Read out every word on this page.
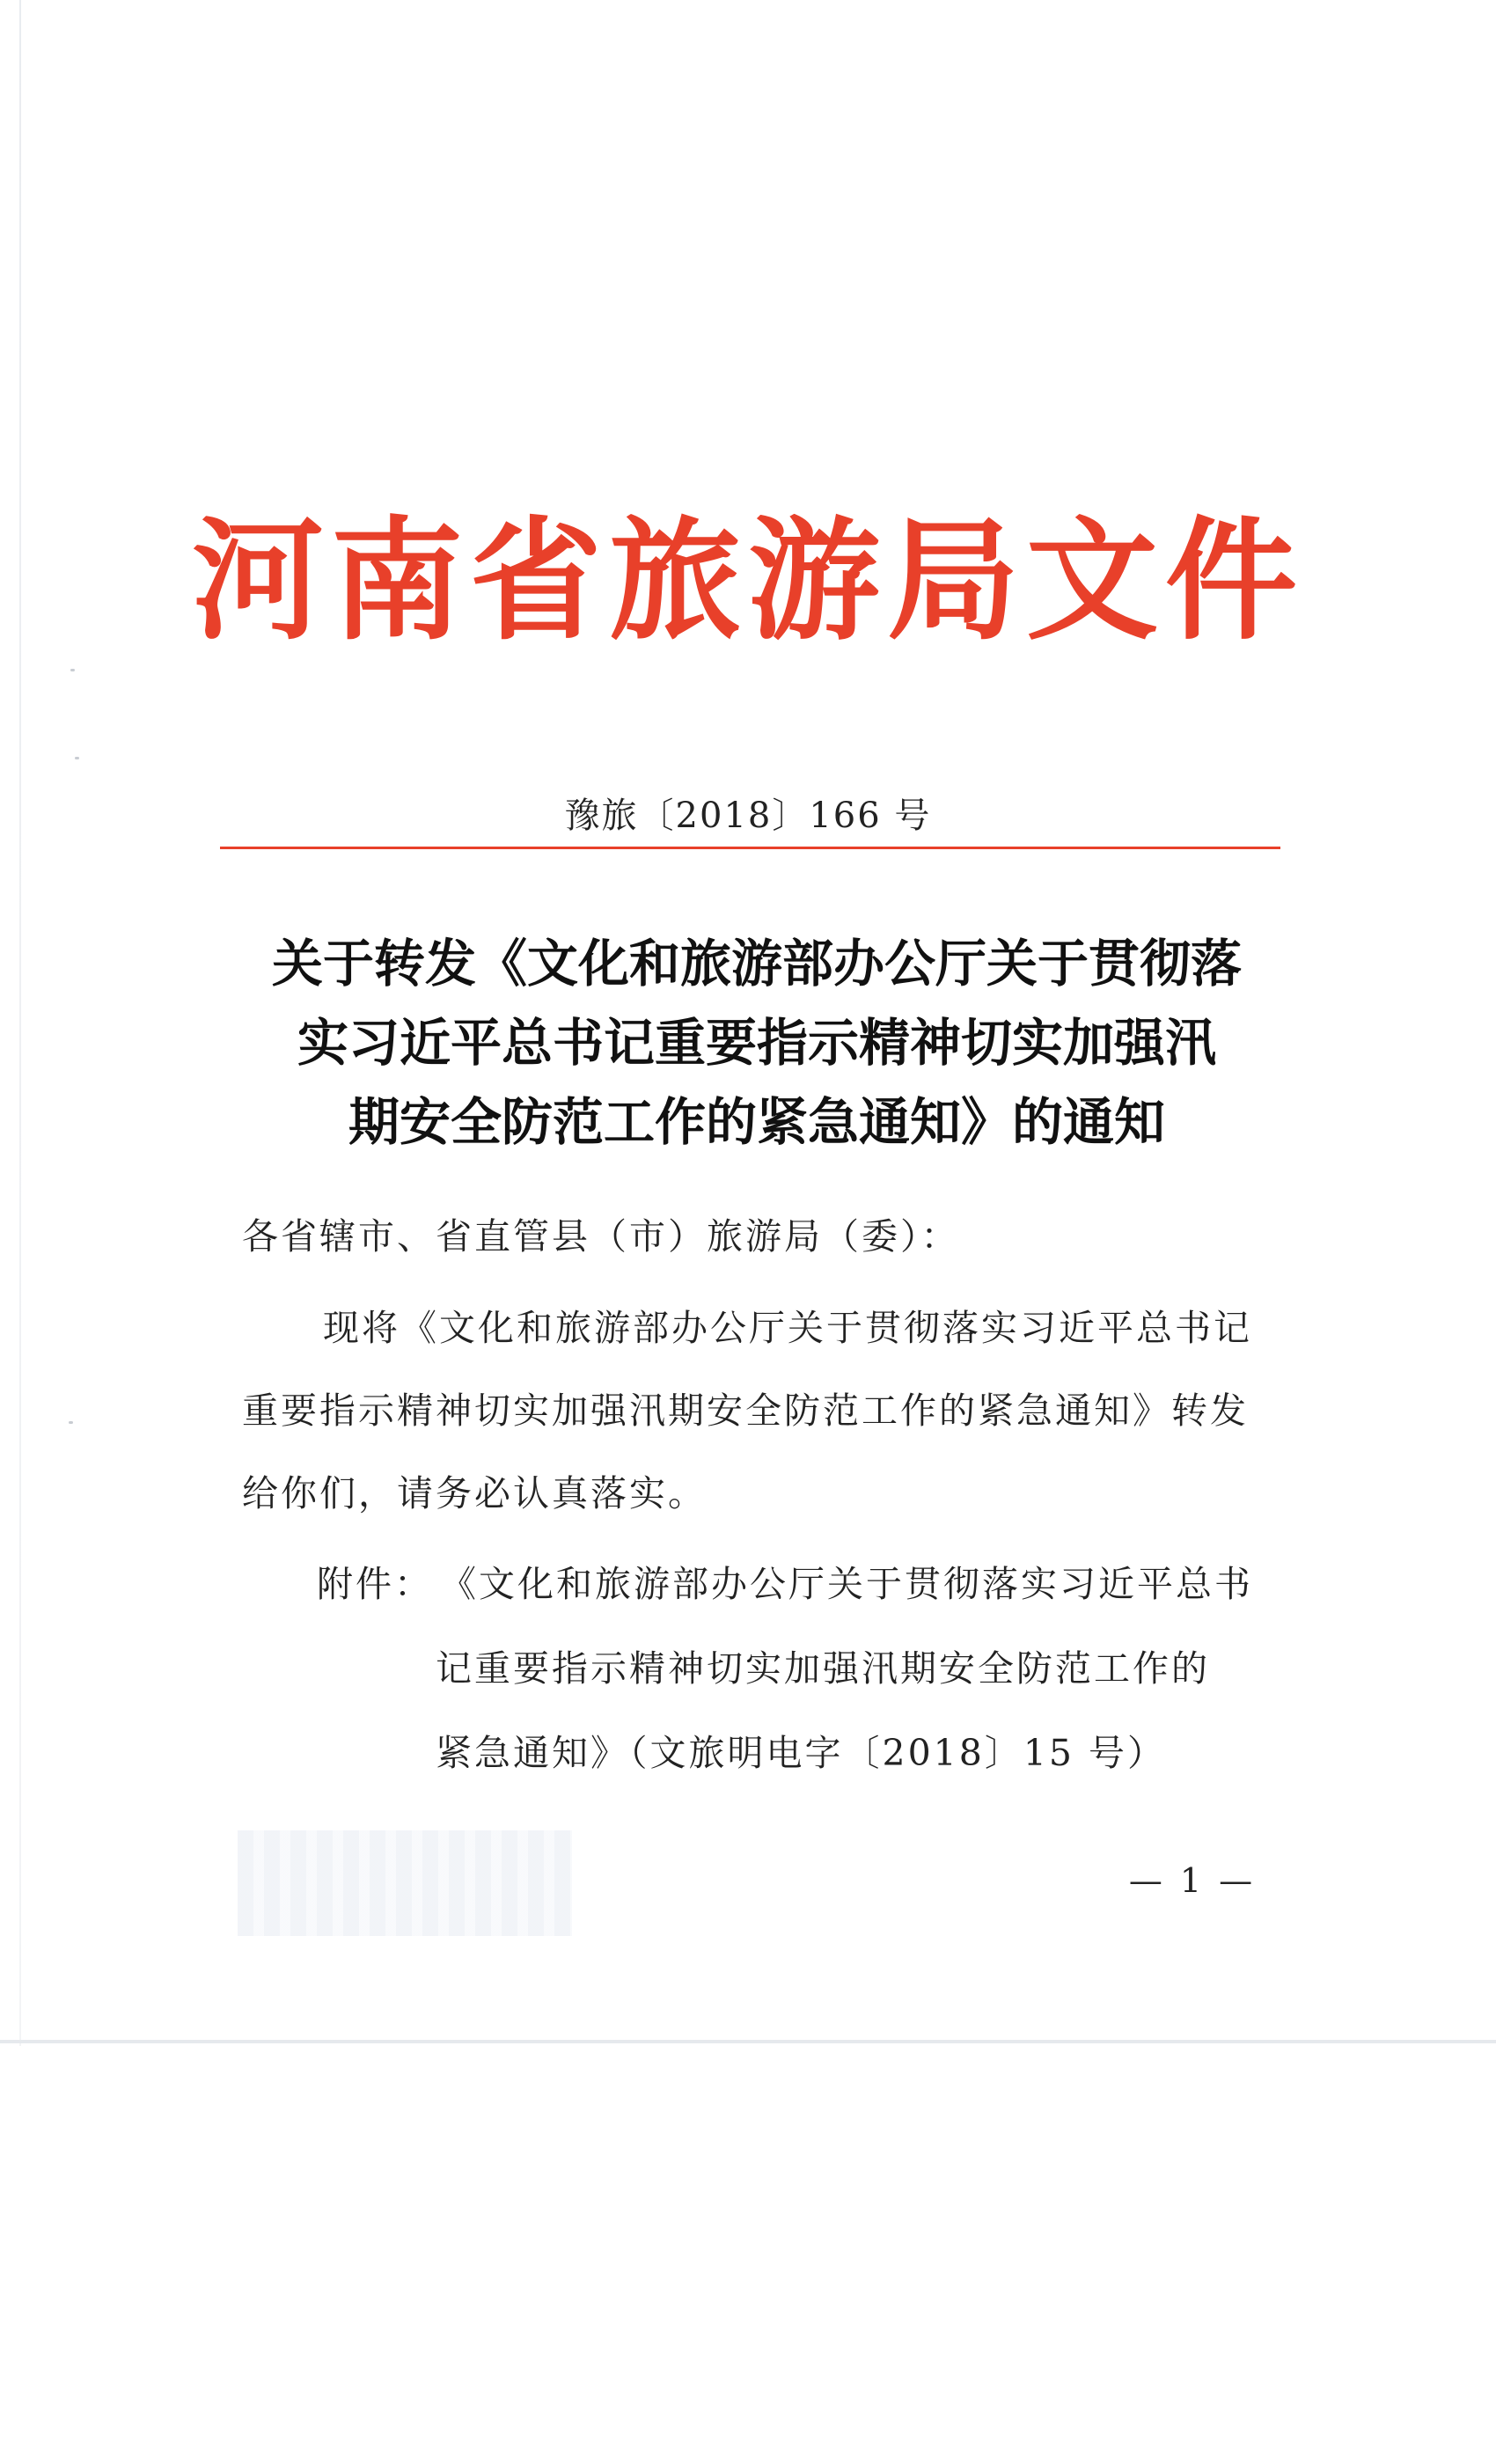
河南省旅游局文件
豫旅〔2018〕166 号
关于转发《文化和旅游部办公厅关于贯彻落
实习近平总书记重要指示精神切实加强汛
期安全防范工作的紧急通知》的通知
各省辖市、省直管县（市）旅游局（委）：

现将《文化和旅游部办公厅关于贯彻落实习近平总书记

重要指示精神切实加强汛期安全防范工作的紧急通知》转发

给你们，请务必认真落实。

附件： 《文化和旅游部办公厅关于贯彻落实习近平总书
记重要指示精神切实加强汛期安全防范工作的
紧急通知》（文旅明电字〔2018〕15 号）
— 1 —
